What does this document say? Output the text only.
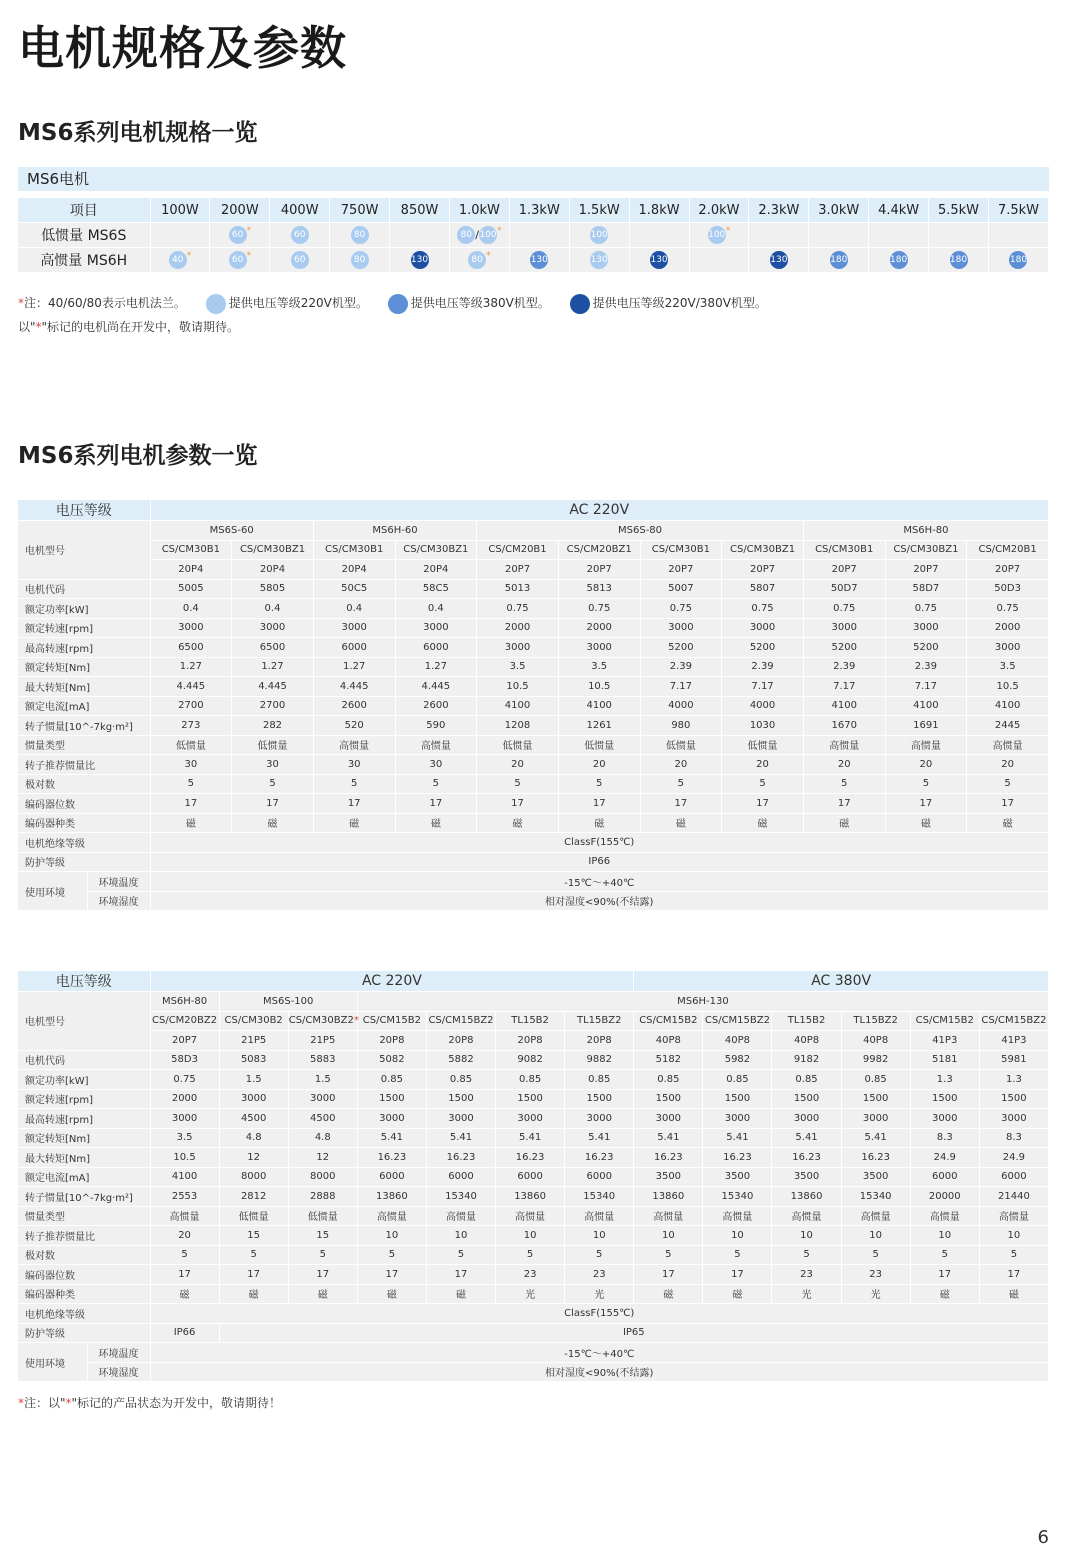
电机规格及参数
MS6系列电机规格一览
MS6电机
项目	100W	200W	400W	750W	850W	1.0kW	1.3kW	1.5kW	1.8kW	2.0kW	2.3kW	3.0kW	4.4kW	5.5kW	7.5kW
低惯量 MS6S		60 *	60	80		80 /100*		100		100*					
高惯量 MS6H	40 *	60 *	60	80	130	80 *	130	130	130		130	180	180	180	180
*注：40/60/80表示电机法兰。	提供电压等级220V机型。	提供电压等级380V机型。	提供电压等级220V/380V机型。
以"*"标记的电机尚在开发中，敬请期待。
MS6系列电机参数一览
电压等级		AC 220V										
电机型号		MS6S-60		MS6H-60		MS6S-80				MS6H-80		
		CS/CM30B1	CS/CM30BZ1	CS/CM30B1	CS/CM30BZ1	CS/CM20B1	CS/CM20BZ1	CS/CM30B1	CS/CM30BZ1	CS/CM30B1	CS/CM30BZ1	CS/CM20B1
		20P4	20P4	20P4	20P4	20P7	20P7	20P7	20P7	20P7	20P7	20P7
电机代码		5005	5805	50C5	58C5	5013	5813	5007	5807	50D7	58D7	50D3
额定功率[kW]		0.4	0.4	0.4	0.4	0.75	0.75	0.75	0.75	0.75	0.75	0.75
额定转速[rpm]		3000	3000	3000	3000	2000	2000	3000	3000	3000	3000	2000
最高转速[rpm]		6500	6500	6000	6000	3000	3000	5200	5200	5200	5200	3000
额定转矩[Nm]		1.27	1.27	1.27	1.27	3.5	3.5	2.39	2.39	2.39	2.39	3.5
最大转矩[Nm]		4.445	4.445	4.445	4.445	10.5	10.5	7.17	7.17	7.17	7.17	10.5
额定电流[mA]		2700	2700	2600	2600	4100	4100	4000	4000	4100	4100	4100
转子惯量[10^-7kg·m²]		273	282	520	590	1208	1261	980	1030	1670	1691	2445
惯量类型		低惯量	低惯量	高惯量	高惯量	低惯量	低惯量	低惯量	低惯量	高惯量	高惯量	高惯量
转子推荐惯量比		30	30	30	30	20	20	20	20	20	20	20
极对数		5	5	5	5	5	5	5	5	5	5	5
编码器位数		17	17	17	17	17	17	17	17	17	17	17
编码器种类		磁	磁	磁	磁	磁	磁	磁	磁	磁	磁	磁
电机绝缘等级		ClassF(155℃)										
防护等级		IP66										
使用环境	环境温度	-15℃～+40℃										
	环境湿度	相对湿度<90%(不结露)										
电压等级		AC 220V							AC 380V					
电机型号		MS6H-80	MS6S-100		MS6H-130									
		CS/CM20BZ2	CS/CM30B2	CS/CM30BZ2*	CS/CM15B2	CS/CM15BZ2	TL15B2	TL15BZ2	CS/CM15B2	CS/CM15BZ2	TL15B2	TL15BZ2	CS/CM15B2	CS/CM15BZ2
		20P7	21P5	21P5	20P8	20P8	20P8	20P8	40P8	40P8	40P8	40P8	41P3	41P3
电机代码		58D3	5083	5883	5082	5882	9082	9882	5182	5982	9182	9982	5181	5981
额定功率[kW]		0.75	1.5	1.5	0.85	0.85	0.85	0.85	0.85	0.85	0.85	0.85	1.3	1.3
额定转速[rpm]		2000	3000	3000	1500	1500	1500	1500	1500	1500	1500	1500	1500	1500
最高转速[rpm]		3000	4500	4500	3000	3000	3000	3000	3000	3000	3000	3000	3000	3000
额定转矩[Nm]		3.5	4.8	4.8	5.41	5.41	5.41	5.41	5.41	5.41	5.41	5.41	8.3	8.3
最大转矩[Nm]		10.5	12	12	16.23	16.23	16.23	16.23	16.23	16.23	16.23	16.23	24.9	24.9
额定电流[mA]		4100	8000	8000	6000	6000	6000	6000	3500	3500	3500	3500	6000	6000
转子惯量[10^-7kg·m²]		2553	2812	2888	13860	15340	13860	15340	13860	15340	13860	15340	20000	21440
惯量类型		高惯量	低惯量	低惯量	高惯量	高惯量	高惯量	高惯量	高惯量	高惯量	高惯量	高惯量	高惯量	高惯量
转子推荐惯量比		20	15	15	10	10	10	10	10	10	10	10	10	10
极对数		5	5	5	5	5	5	5	5	5	5	5	5	5
编码器位数		17	17	17	17	17	23	23	17	17	23	23	17	17
编码器种类		磁	磁	磁	磁	磁	光	光	磁	磁	光	光	磁	磁
电机绝缘等级		ClassF(155℃)												
防护等级		IP66	IP65											
使用环境	环境温度	-15℃～+40℃												
	环境湿度	相对湿度<90%(不结露)												
*注：以"*"标记的产品状态为开发中，敬请期待！
6
